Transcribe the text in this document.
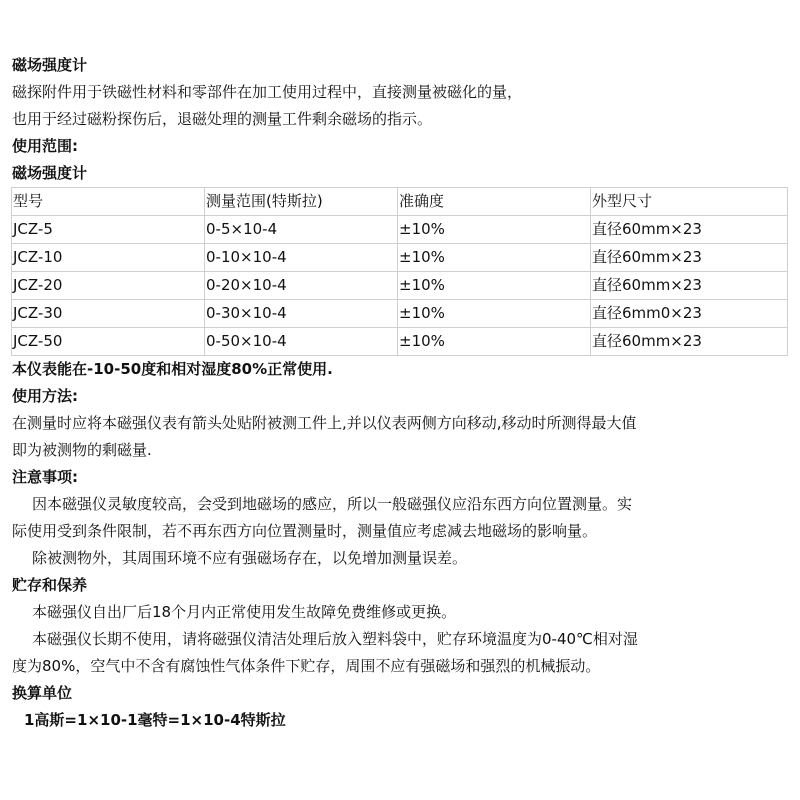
磁场强度计
磁探附件用于铁磁性材料和零部件在加工使用过程中，直接测量被磁化的量，
也用于经过磁粉探伤后，退磁处理的测量工件剩余磁场的指示。
使用范围:
磁场强度计
型号	测量范围(特斯拉)	准确度	外型尺寸
JCZ-5	0-5×10-4	±10%	直径60mm×23
JCZ-10	0-10×10-4	±10%	直径60mm×23
JCZ-20	0-20×10-4	±10%	直径60mm×23
JCZ-30	0-30×10-4	±10%	直径6mm0×23
JCZ-50	0-50×10-4	±10%	直径60mm×23
本仪表能在-10-50度和相对湿度80%正常使用.
使用方法:
在测量时应将本磁强仪表有箭头处贴附被测工件上,并以仪表两侧方向移动,移动时所测得最大值
即为被测物的剩磁量.
注意事项:
因本磁强仪灵敏度较高，会受到地磁场的感应，所以一般磁强仪应沿东西方向位置测量。实
际使用受到条件限制，若不再东西方向位置测量时，测量值应考虑减去地磁场的影响量。
除被测物外，其周围环境不应有强磁场存在，以免增加测量误差。
贮存和保养
本磁强仪自出厂后18个月内正常使用发生故障免费维修或更换。
本磁强仪长期不使用，请将磁强仪清洁处理后放入塑料袋中，贮存环境温度为0-40℃相对湿
度为80%，空气中不含有腐蚀性气体条件下贮存，周围不应有强磁场和强烈的机械振动。
换算单位
1高斯=1×10-1毫特=1×10-4特斯拉
